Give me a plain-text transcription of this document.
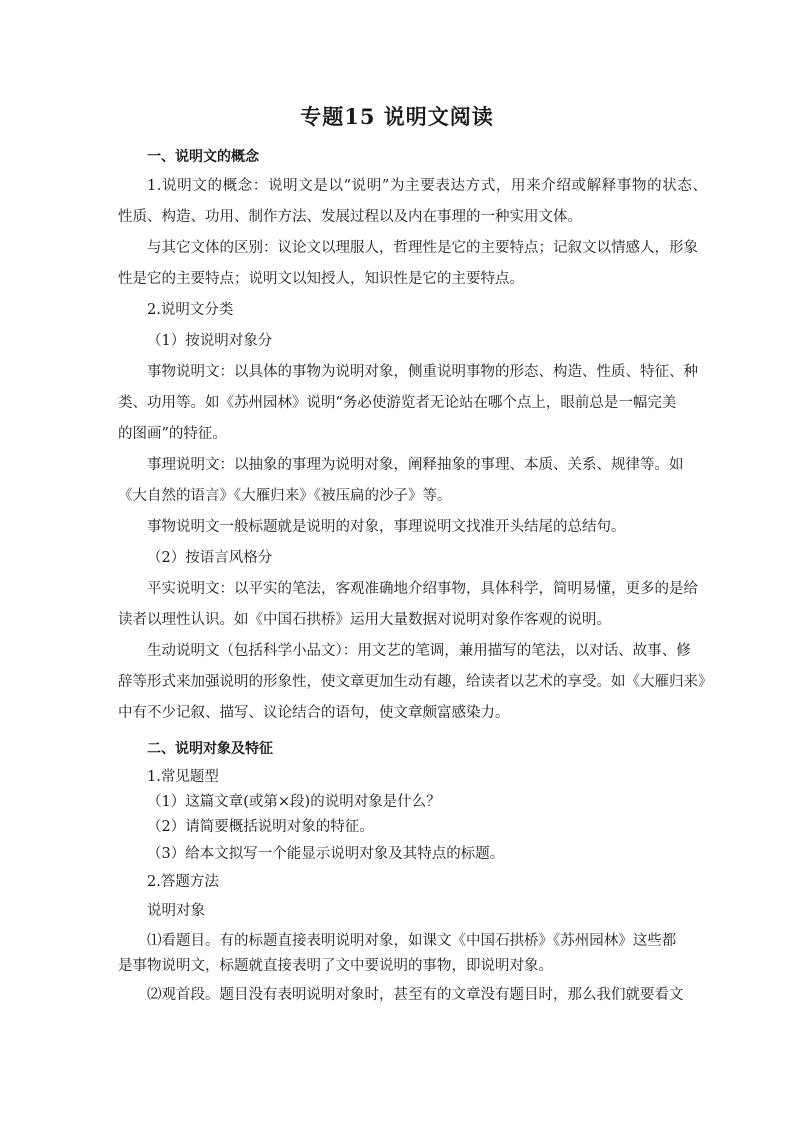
专题15 说明文阅读
一、说明文的概念
1 . 说 明 文 的 概 念 ： 说 明 文 是 以 “ 说 明 ” 为 主 要 表 达 方 式 ， 用 来 介 绍 或 解 释 事 物 的 状 态 、
性质、构造、功用、制作方法、发展过程以及内在事理的一种实用文体。
与其它文体的区别：议论文以理服人，哲理性是它的主要特点；记叙文以情感人，形象
性是它的主要特点；说明文以知授人，知识性是它的主要特点。
2.说明文分类
（1）按说明对象分
事物说明文：以具体的事物为说明对象，侧重说明事物的形态、构造、性质、特征、种
类、功用等。如《苏州园林》说明“务必使游览者无论站在哪个点上，眼前总是一幅完美
的图画”的特征。
事理说明文：以抽象的事理为说明对象，阐释抽象的事理、本质、关系、规律等。如
《大自然的语言》《大雁归来》《被压扁的沙子》等。
事物说明文一般标题就是说明的对象，事理说明文找准开头结尾的总结句。
（2）按语言风格分
平实说明文：以平实的笔法，客观准确地介绍事物，具体科学，简明易懂，更多的是给
读者以理性认识。如《中国石拱桥》运用大量数据对说明对象作客观的说明。
生动说明文（包括科学小品文）：用文艺的笔调，兼用描写的笔法，以对话、故事、修
辞等形式来加强说明的形象性，使文章更加生动有趣，给读者以艺术的享受。如《大雁归来》
中有不少记叙、描写、议论结合的语句，使文章颇富感染力。
二、说明对象及特征
1.常见题型
（1）这篇文章(或第×段)的说明对象是什么？
（2）请简要概括说明对象的特征。
（3）给本文拟写一个能显示说明对象及其特点的标题。
2.答题方法
说明对象
⑴看题目。有的标题直接表明说明对象，如课文《中国石拱桥》《苏州园林》这些都
是事物说明文，标题就直接表明了文中要说明的事物，即说明对象。
⑵观首段。题目没有表明说明对象时，甚至有的文章没有题目时，那么我们就要看文
